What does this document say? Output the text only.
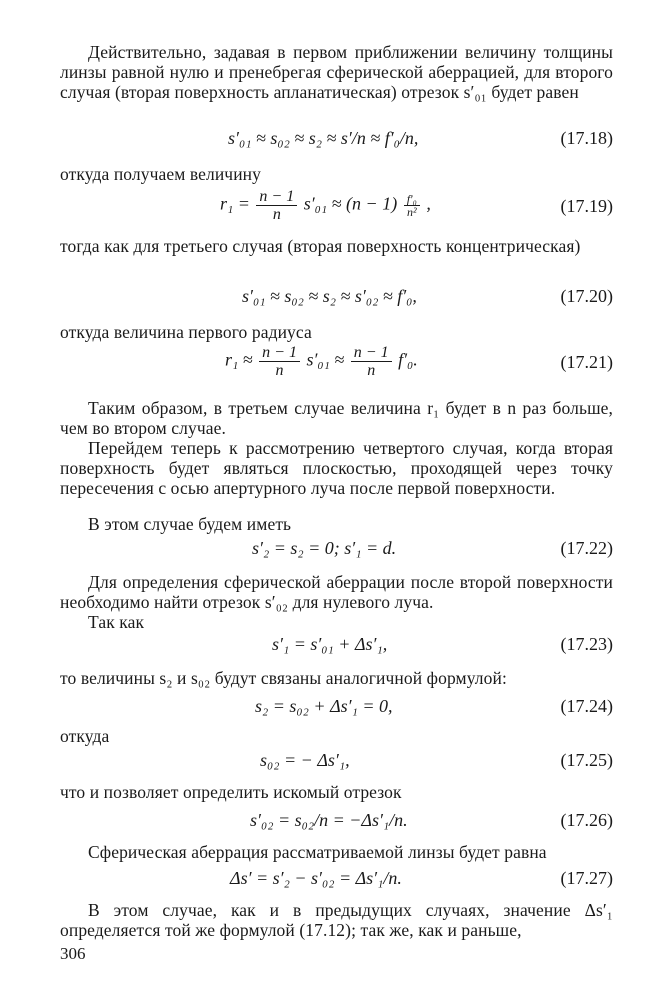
Действительно, задавая в первом приближении величину толщины линзы равной нулю и пренебрегая сферической аберрацией, для второго случая (вторая поверхность апланатическая) отрезок s′₀₁ будет равен
s′₀₁ ≈ s₀₂ ≈ s₂ ≈ s′/n ≈ f′₀/n,	(17.18)
откуда получаем величину
$r_1 = \frac{n - 1}{n} s'_{01} \approx (n - 1) \frac{\text{f′₀}}{\text{n²}}$ ,	(17.19)
тогда как для третьего случая (вторая поверхность концентрическая)
s′₀₁ ≈ s₀₂ ≈ s₂ ≈ s′₀₂ ≈ f′₀,	(17.20)
откуда величина первого радиуса
$r_1 \approx \frac{n - 1}{n} s'_{01} \approx \frac{n - 1}{n} f'_0$.	(17.21)
Таким образом, в третьем случае величина r₁ будет в n раз больше, чем во втором случае.
Перейдем теперь к рассмотрению четвертого случая, когда вторая поверхность будет являться плоскостью, проходящей через точку пересечения с осью апертурного луча после первой поверхности.
В этом случае будем иметь
s′₂ = s₂ = 0; s′₁ = d.	(17.22)
Для определения сферической аберрации после второй поверхности необходимо найти отрезок s′₀₂ для нулевого луча.
Так как
s′₁ = s′₀₁ + Δs′₁,	(17.23)
то величины s₂ и s₀₂ будут связаны аналогичной формулой:
s₂ = s₀₂ + Δs′₁ = 0,	(17.24)
откуда
s₀₂ = − Δs′₁,	(17.25)
что и позволяет определить искомый отрезок
s′₀₂ = s₀₂/n = −Δs′₁/n.	(17.26)
Сферическая аберрация рассматриваемой линзы будет равна
Δs′ = s′₂ − s′₀₂ = Δs′₁/n.	(17.27)
В этом случае, как и в предыдущих случаях, значение Δs′₁ определяется той же формулой (17.12); так же, как и раньше,
306
